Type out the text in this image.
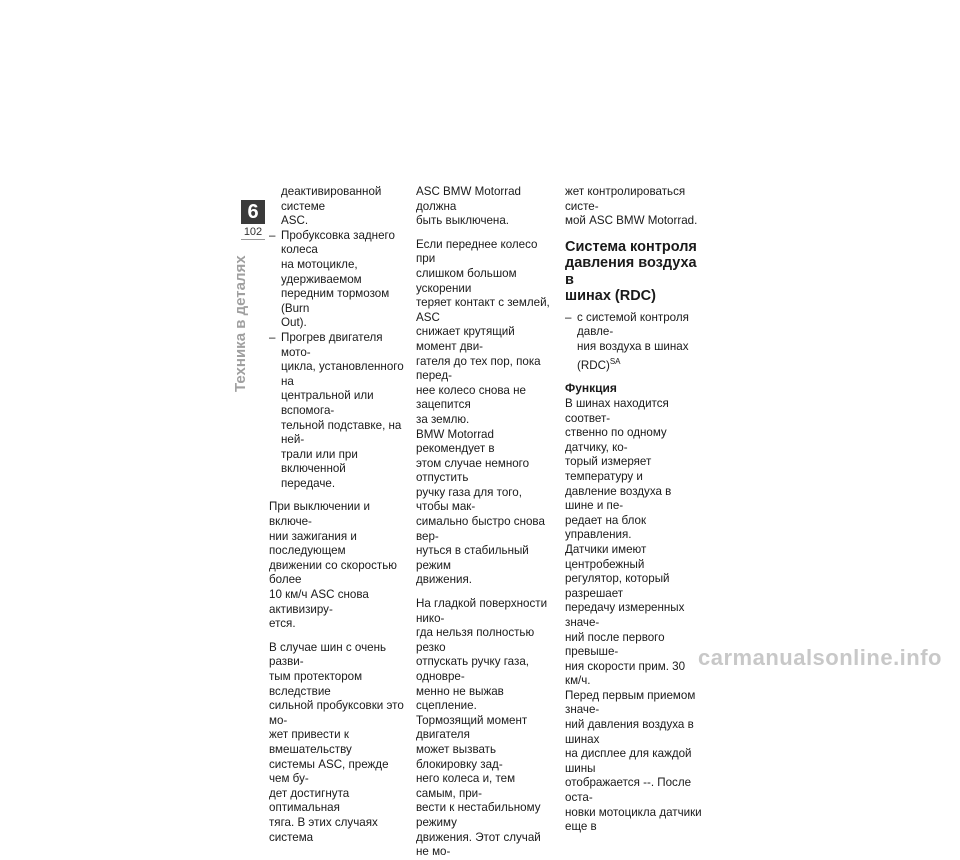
6
102
Техника в деталях
деактивированной системе
ASC.
– Пробуксовка заднего колеса
на мотоцикле, удерживаемом
передним тормозом (Burn
Out).
– Прогрев двигателя мото-
цикла, установленного на
центральной или вспомога-
тельной подставке, на ней-
трали или при включенной
передаче.
При выключении и включе-
нии зажигания и последующем
движении со скоростью более
10 км/ч ASC снова активизиру-
ется.
В случае шин с очень разви-
тым протектором вследствие
сильной пробуксовки это мо-
жет привести к вмешательству
системы ASC, прежде чем бу-
дет достигнута оптимальная
тяга. В этих случаях система
ASC BMW Motorrad должна
быть выключена.
Если переднее колесо при
слишком большом ускорении
теряет контакт с землей, ASC
снижает крутящий момент дви-
гателя до тех пор, пока перед-
нее колесо снова не зацепится
за землю.
BMW Motorrad рекомендует в
этом случае немного отпустить
ручку газа для того, чтобы мак-
симально быстро снова вер-
нуться в стабильный режим
движения.
На гладкой поверхности нико-
гда нельзя полностью резко
отпускать ручку газа, одновре-
менно не выжав сцепление.
Тормозящий момент двигателя
может вызвать блокировку зад-
него колеса и, тем самым, при-
вести к нестабильному режиму
движения. Этот случай не мо-
жет контролироваться систе-
мой ASC BMW Motorrad.
Система контроля
давления воздуха в
шинах (RDC)
– с системой контроля давле-
ния воздуха в шинах (RDC)$^{SA}$
Функция
В шинах находится соответ-
ственно по одному датчику, ко-
торый измеряет температуру и
давление воздуха в шине и пе-
редает на блок управления.
Датчики имеют центробежный
регулятор, который разрешает
передачу измеренных значе-
ний после первого превыше-
ния скорости прим. 30 км/ч.
Перед первым приемом значе-
ний давления воздуха в шинах
на дисплее для каждой шины
отображается --. После оста-
новки мотоцикла датчики еще в
carmanualsonline.info
